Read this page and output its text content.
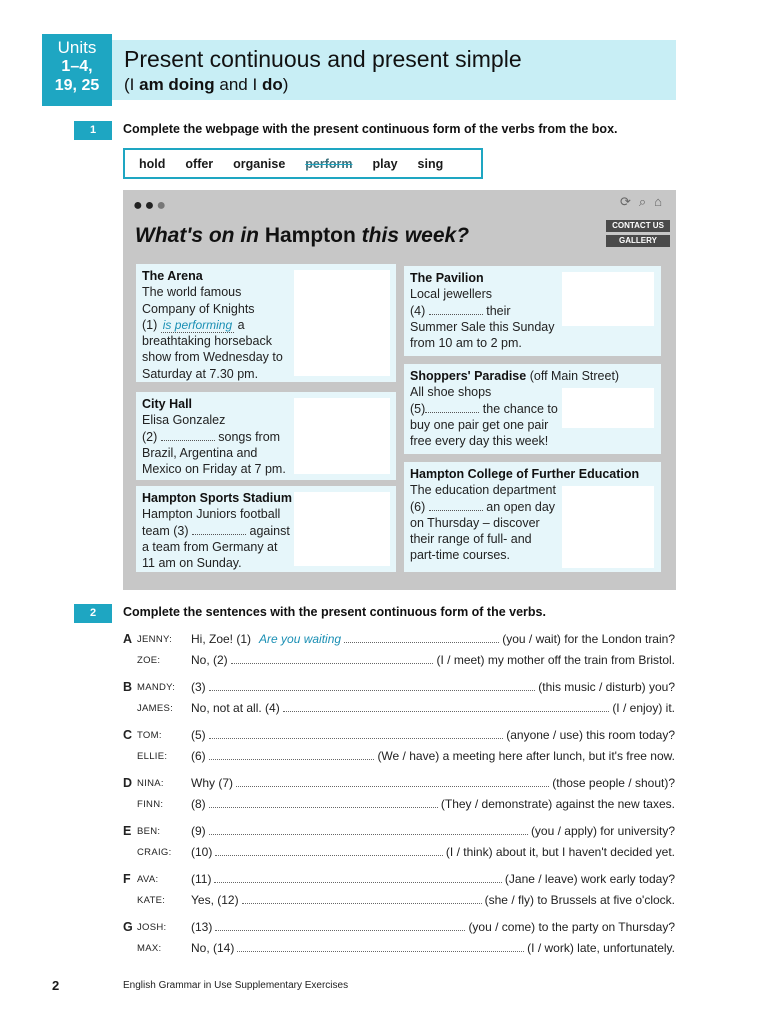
Units
1–4,
19, 25
Present continuous and present simple
(I am doing and I do)
1	Complete the webpage with the present continuous form of the verbs from the box.
hold offer organise perform play sing
●●●	⟳ ⌕ ⌂
What's on in Hampton this week?	CONTACT US
GALLERY
The Arena
The world famous
Company of Knights
(1) is performing a
breathtaking horseback
show from Wednesday to
Saturday at 7.30 pm.
City Hall
Elisa Gonzalez
(2)	songs from
Brazil, Argentina and
Mexico on Friday at 7 pm.
Hampton Sports Stadium
Hampton Juniors football
team (3)	against
a team from Germany at
11 am on Sunday.
The Pavilion
Local jewellers
(4)	their
Summer Sale this Sunday
from 10 am to 2 pm.
Shoppers' Paradise (off Main Street)
All shoe shops
(5)	the chance to
buy one pair get one pair
free every day this week!
Hampton College of Further Education
The education department
(6)	an open day
on Thursday – discover
their range of full- and
part-time courses.
2	Complete the sentences with the present continuous form of the verbs.
A JENNY: Hi, Zoe! (1) Are you waiting	(you / wait) for the London train?
ZOE:	No, (2)	(I / meet) my mother off the train from Bristol.
B MANDY: (3)	(this music / disturb) you?
JAMES: No, not at all. (4)	(I / enjoy) it.
C TOM: (5)	(anyone / use) this room today?
ELLIE: (6)	(We / have) a meeting here after lunch, but it's free now.
D NINA: Why (7)	(those people / shout)?
FINN: (8)	(They / demonstrate) against the new taxes.
E BEN:	(9)	(you / apply) for university?
CRAIG: (10)	(I / think) about it, but I haven't decided yet.
F AVA:	(11)	(Jane / leave) work early today?
KATE: Yes, (12)	(she / fly) to Brussels at five o'clock.
G JOSH: (13)	(you / come) to the party on Thursday?
MAX: No, (14)	(I / work) late, unfortunately.
2	English Grammar in Use Supplementary Exercises
